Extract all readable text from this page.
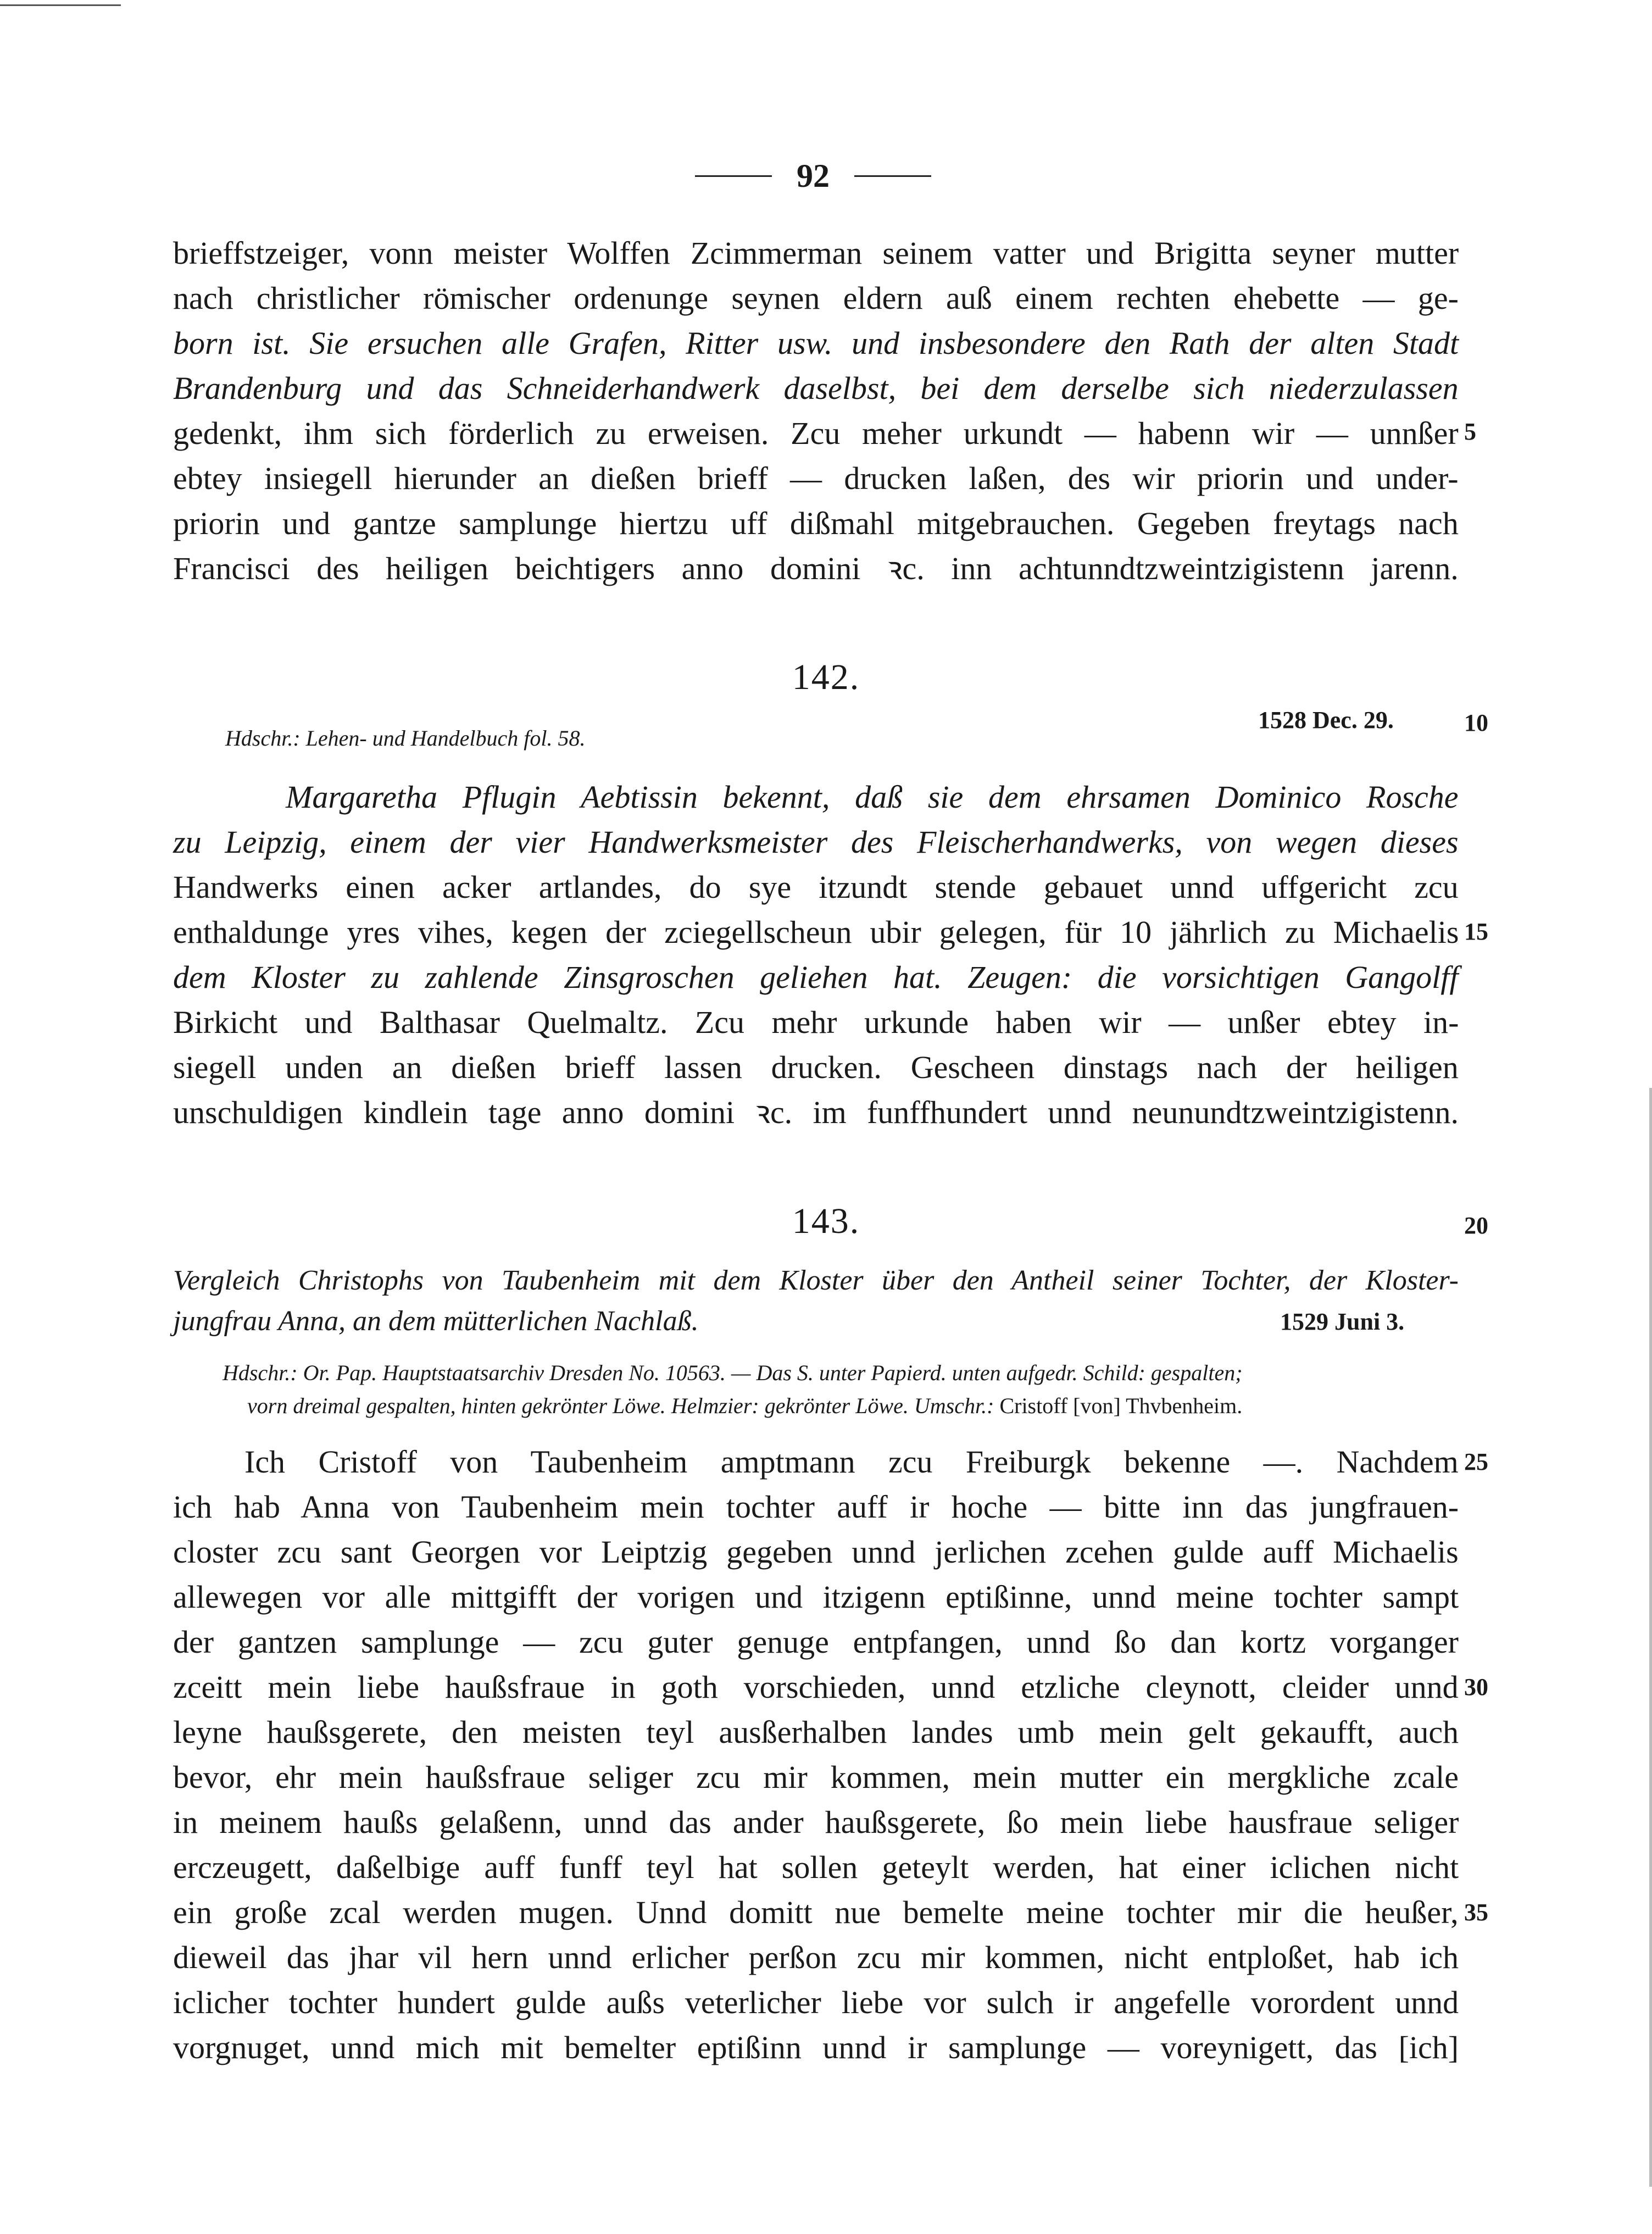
92
brieffstzeiger, vonn meister Wolffen Zcimmerman seinem vatter und Brigitta seyner mutter
nach christlicher römischer ordenunge seynen eldern auß einem rechten ehebette — ge-
born ist. Sie ersuchen alle Grafen, Ritter usw. und insbesondere den Rath der alten Stadt
Brandenburg und das Schneiderhandwerk daselbst, bei dem derselbe sich niederzulassen
gedenkt, ihm sich förderlich zu erweisen. Zcu meher urkundt — habenn wir — unnßer
ebtey insiegell hierunder an dießen brieff — drucken laßen, des wir priorin und under-
priorin und gantze samplunge hiertzu uff dißmahl mitgebrauchen. Gegeben freytags nach
Francisci des heiligen beichtigers anno domini ꝛc. inn achtunndtzweintzigistenn jarenn.
5
142.
1528 Dec. 29.	10
Hdschr.: Lehen- und Handelbuch fol. 58.
Margaretha Pflugin Aebtissin bekennt, daß sie dem ehrsamen Dominico Rosche
zu Leipzig, einem der vier Handwerksmeister des Fleischerhandwerks, von wegen dieses
Handwerks einen acker artlandes, do sye itzundt stende gebauet unnd uffgericht zcu
enthaldunge yres vihes, kegen der zciegellscheun ubir gelegen, für 10 jährlich zu Michaelis
dem Kloster zu zahlende Zinsgroschen geliehen hat. Zeugen: die vorsichtigen Gangolff
Birkicht und Balthasar Quelmaltz. Zcu mehr urkunde haben wir — unßer ebtey in-
siegell unden an dießen brieff lassen drucken. Gescheen dinstags nach der heiligen
unschuldigen kindlein tage anno domini ꝛc. im funffhundert unnd neunundtzweintzigistenn.
15
143.	20
Vergleich Christophs von Taubenheim mit dem Kloster über den Antheil seiner Tochter, der Kloster-
jungfrau Anna, an dem mütterlichen Nachlaß.	1529 Juni 3.
Hdschr.: Or. Pap. Hauptstaatsarchiv Dresden No. 10563. — Das S. unter Papierd. unten aufgedr. Schild: gespalten;
vorn dreimal gespalten, hinten gekrönter Löwe. Helmzier: gekrönter Löwe. Umschr.: Cristoff [von] Thvbenheim.
Ich Cristoff von Taubenheim amptmann zcu Freiburgk bekenne —. Nachdem
ich hab Anna von Taubenheim mein tochter auff ir hoche — bitte inn das jungfrauen-
closter zcu sant Georgen vor Leiptzig gegeben unnd jerlichen zcehen gulde auff Michaelis
allewegen vor alle mittgifft der vorigen und itzigenn eptißinne, unnd meine tochter sampt
der gantzen samplunge — zcu guter genuge entpfangen, unnd ßo dan kortz vorganger
zceitt mein liebe haußsfraue in goth vorschieden, unnd etzliche cleynott, cleider unnd
leyne haußsgerete, den meisten teyl ausßerhalben landes umb mein gelt gekaufft, auch
bevor, ehr mein haußsfraue seliger zcu mir kommen, mein mutter ein mergkliche zcale
in meinem haußs gelaßenn, unnd das ander haußsgerete, ßo mein liebe hausfraue seliger
erczeugett, daßelbige auff funff teyl hat sollen geteylt werden, hat einer iclichen nicht
ein große zcal werden mugen. Unnd domitt nue bemelte meine tochter mir die heußer,
dieweil das jhar vil hern unnd erlicher perßon zcu mir kommen, nicht entploßet, hab ich
iclicher tochter hundert gulde außs veterlicher liebe vor sulch ir angefelle vorordent unnd
vorgnuget, unnd mich mit bemelter eptißinn unnd ir samplunge — voreynigett, das [ich]
25
30
35
